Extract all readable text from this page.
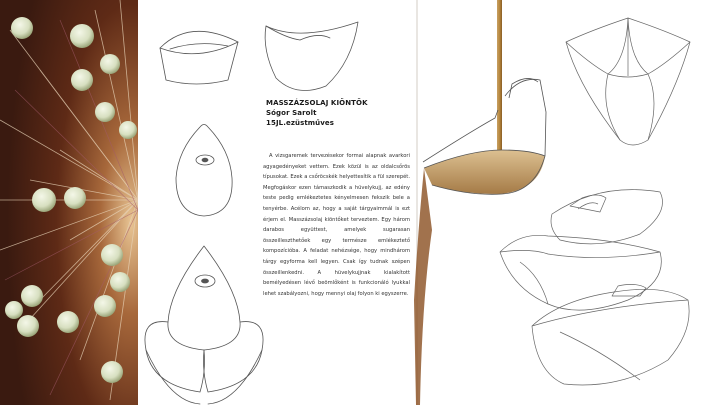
MASSZÁZSOLAJ KIÖNTŐK
Sógor Sarolt
15JL.ezüstműves

A vizsgaremek tervezésekor formai alapnak avarkori agyagedényeket vettem. Ezek közül is az oldalcsőrös típusokat. Ezek a csőröcskék helyettesítik a fül szerepét. Megfogáskor ezen támaszkodik a hüvelykujj, az edény teste pedig emlékeztetes kényelmesen fekszik bele a tenyérbe. Acélom az, hogy a saját tárgyaimmál is ezt érjem el. Masszázsolaj kiöntőket terveztem. Egy három darabos együttest, amelyek sugarasan összeilleszthetőek egy természe emlékeztető kompozícióba. A feladat nehézsége, hogy mindhárom tárgy egyforma kell legyen. Csak így tudnak szépen összeillenkedni. A hüvelykujjnak kialakított bemélyedésen lévő beömlőként is funkcionáló lyukkal lehet szabályozni, hogy mennyi olaj folyon ki egyszerre.
